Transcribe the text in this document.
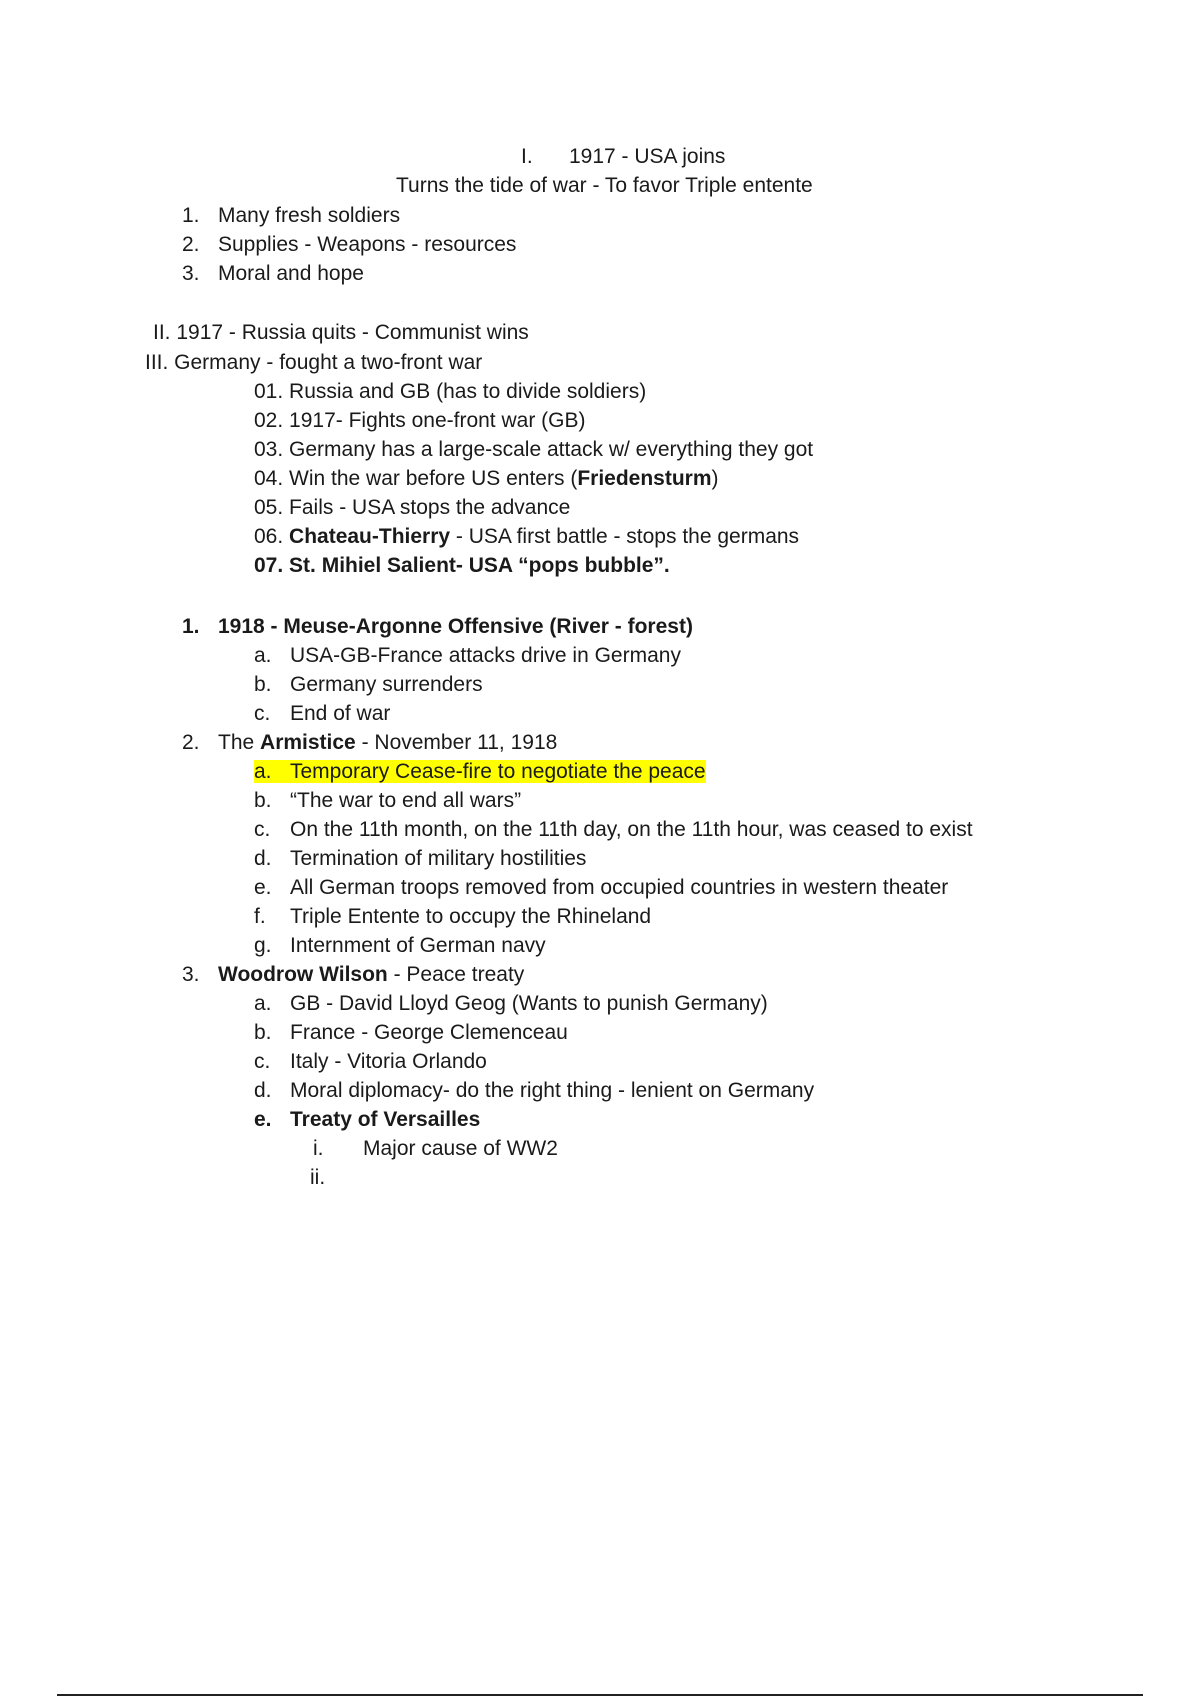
I. 1917 - USA joins
Turns the tide of war - To favor Triple entente
1. Many fresh soldiers
2. Supplies - Weapons - resources
3. Moral and hope
II. 1917 - Russia quits - Communist wins
III. Germany - fought a two-front war
01. Russia and GB (has to divide soldiers)
02. 1917- Fights one-front war (GB)
03. Germany has a large-scale attack w/ everything they got
04. Win the war before US enters (Friedensturm)
05. Fails - USA stops the advance
06. Chateau-Thierry - USA first battle - stops the germans
07. St. Mihiel Salient- USA “pops bubble”.
1. 1918 - Meuse-Argonne Offensive (River - forest)
a. USA-GB-France attacks drive in Germany
b. Germany surrenders
c. End of war
2. The Armistice - November 11, 1918
a. Temporary Cease-fire to negotiate the peace
b. “The war to end all wars”
c. On the 11th month, on the 11th day, on the 11th hour, was ceased to exist
d. Termination of military hostilities
e. All German troops removed from occupied countries in western theater
f. Triple Entente to occupy the Rhineland
g. Internment of German navy
3. Woodrow Wilson - Peace treaty
a. GB - David Lloyd Geog (Wants to punish Germany)
b. France - George Clemenceau
c. Italy - Vitoria Orlando
d. Moral diplomacy- do the right thing - lenient on Germany
e. Treaty of Versailles
i. Major cause of WW2
ii.
